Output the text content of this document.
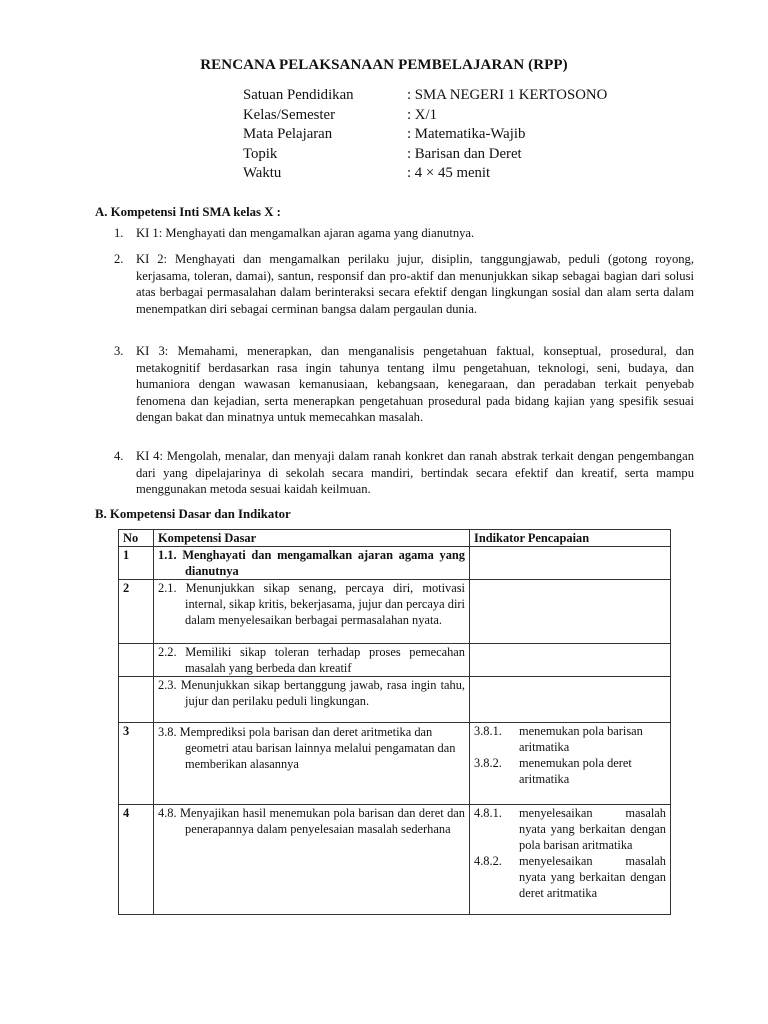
RENCANA PELAKSANAAN PEMBELAJARAN (RPP)
Satuan Pendidikan	: SMA NEGERI 1 KERTOSONO
Kelas/Semester	: X/1
Mata Pelajaran	: Matematika-Wajib
Topik	: Barisan dan Deret
Waktu	: 4 × 45 menit
A. Kompetensi Inti SMA kelas X :
1. KI 1: Menghayati dan mengamalkan ajaran agama yang dianutnya.
2. KI 2: Menghayati dan mengamalkan perilaku jujur, disiplin, tanggungjawab, peduli (gotong royong, kerjasama, toleran, damai), santun, responsif dan pro-aktif dan menunjukkan sikap sebagai bagian dari solusi atas berbagai permasalahan dalam berinteraksi secara efektif dengan lingkungan sosial dan alam serta dalam menempatkan diri sebagai cerminan bangsa dalam pergaulan dunia.
3. KI 3: Memahami, menerapkan, dan menganalisis pengetahuan faktual, konseptual, prosedural, dan metakognitif berdasarkan rasa ingin tahunya tentang ilmu pengetahuan, teknologi, seni, budaya, dan humaniora dengan wawasan kemanusiaan, kebangsaan, kenegaraan, dan peradaban terkait penyebab fenomena dan kejadian, serta menerapkan pengetahuan prosedural pada bidang kajian yang spesifik sesuai dengan bakat dan minatnya untuk memecahkan masalah.
4. KI 4: Mengolah, menalar, dan menyaji dalam ranah konkret dan ranah abstrak terkait dengan pengembangan dari yang dipelajarinya di sekolah secara mandiri, bertindak secara efektif dan kreatif, serta mampu menggunakan metoda sesuai kaidah keilmuan.
B. Kompetensi Dasar dan Indikator
No	Kompetensi Dasar	Indikator Pencapaian
1	1.1. Menghayati dan mengamalkan ajaran agama yang dianutnya	

2	2.1. Menunjukkan sikap senang, percaya diri, motivasi internal, sikap kritis, bekerjasama, jujur dan percaya diri dalam menyelesaikan berbagai permasalahan nyata.	

	2.2. Memiliki sikap toleran terhadap proses pemecahan masalah yang berbeda dan kreatif	

	2.3. Menunjukkan sikap bertanggung jawab, rasa ingin tahu, jujur dan perilaku peduli lingkungan.	

3	3.8. Memprediksi pola barisan dan deret aritmetika dan geometri atau barisan lainnya melalui pengamatan dan memberikan alasannya	3.8.1. menemukan pola barisan aritmatika
3.8.2. menemukan pola deret aritmatika

4	4.8. Menyajikan hasil menemukan pola barisan dan deret dan penerapannya dalam penyelesaian masalah sederhana	4.8.1. menyelesaikan masalah nyata yang berkaitan dengan pola barisan aritmatika
4.8.2. menyelesaikan masalah nyata yang berkaitan dengan deret aritmatika
